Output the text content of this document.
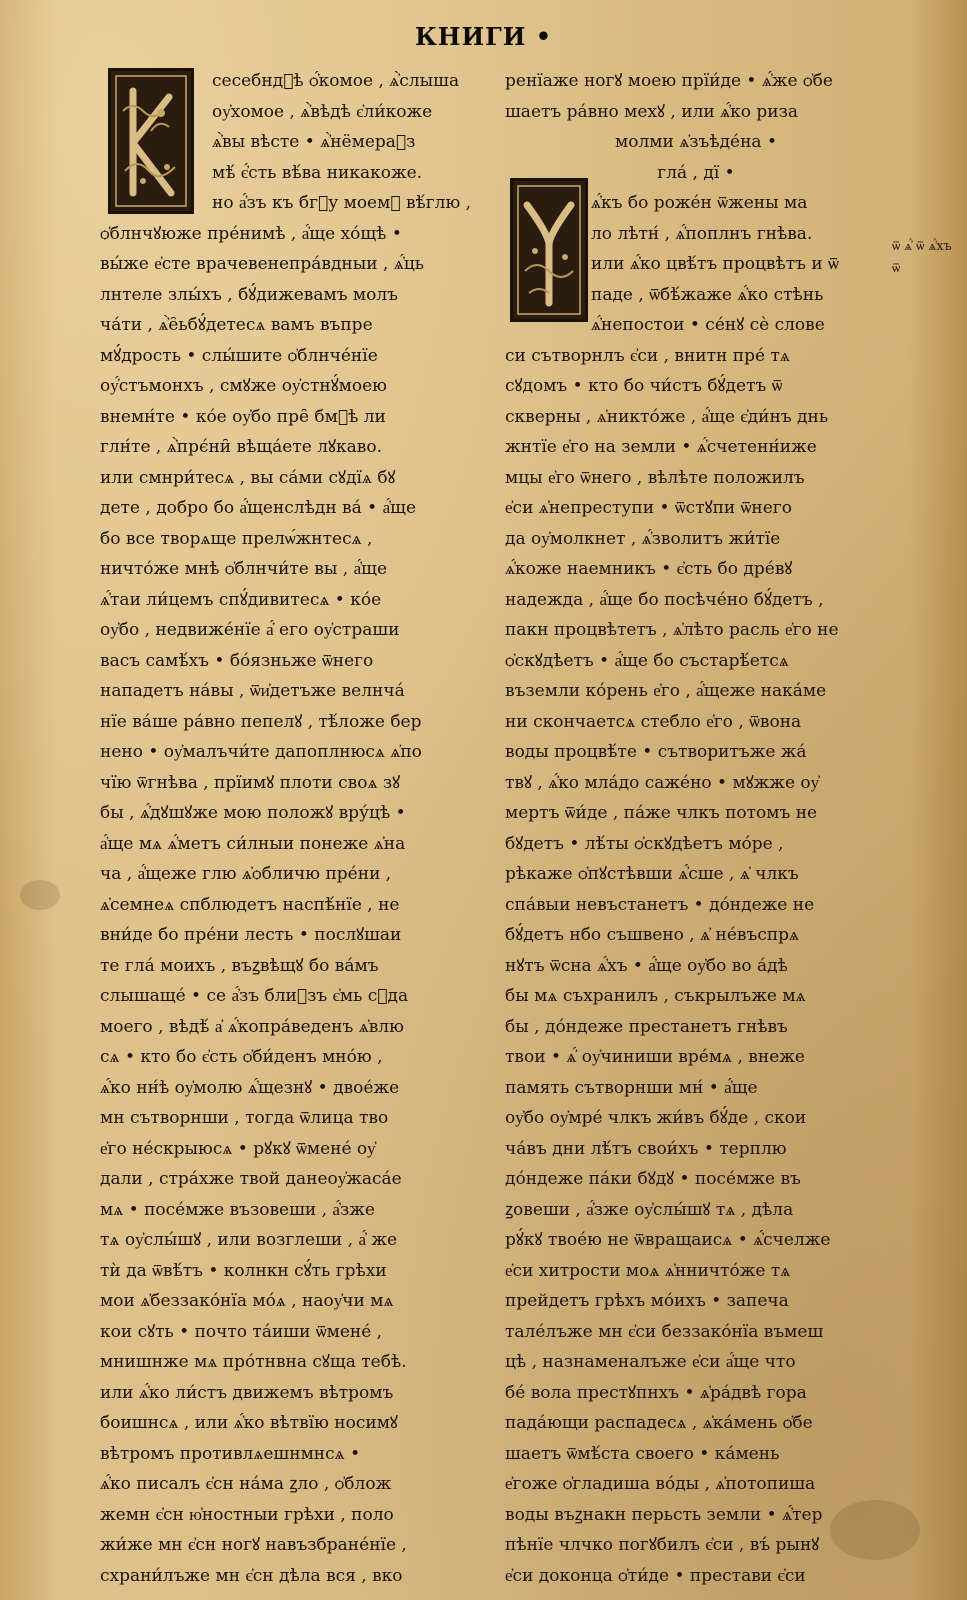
КНИГИ •
сесебнд꙼ѣ ѻ҆́комое , ѧ҆̀слыша
оу҆хомое , ѧ҆̀вѣдѣ є҆ли́коже
ѧ҆̀вы вѣсте • ѧ҆̀нёмера꙼з
мѣ́ є҆́сть вѣ́ва никакоже.
но а҆́зъ къ бг꙼у моемꙋ вѣ́глю ,
ѻ҆блнчꙋюже пре́нимѣ , а҆́ще хо́щѣ •
вы́же е҆сте врачевенепра́вдныи , ѧ҆́ць
лнтеле злы́хъ , бꙋ́дижевамъ молъ
ча́ти , ѧ҆̀е̑ьбꙋ́детесѧ вамъ въпре
мꙋ́дрость • слы́шите ѻ҆блнче́нїе
оу҆́стъмонхъ , смꙋже оу҆стнꙋ́моею
внемн́те • ко́е оу҆бо пре̑ бм꙼ѣ ли
глн́те , ѧ҆̀прє́ни̑ вѣща́ете лꙋкаво.
или смнри́тесѧ , вы са́ми сꙋдїѧ бꙋ
дете , добро бо а҆́щенслѣдн ва́ • а҆́ще
бо все творѧще прелѡ́жнтесѧ ,
ничто́же мнѣ ѻ҆блнчи́те вы , а҆́ще
ѧ҆́таи ли́цемъ спꙋ́дивитесѧ • ко́е
оу҆бо , недвиже́нїе а҆́ его оу҆страши
васъ самѣ́хъ • бо́язньже ѿнего
нападетъ на́вы , ѿи҆детъже велнча́
нїе ва́ше ра́вно пепелꙋ , тѣ́ложе бер
нено • оу҆малъчи́те дапоплнюсѧ ѧ҆по
чїю ѿгнѣва , прїимꙋ плоти своѧ зꙋ
бы , ѧ҆́дꙋшꙋже мою положꙋ вру́цѣ •
а҆́ще мѧ ѧ҆́метъ си́лныи понеже ѧ҆на
ча , а҆́щеже глю ѧ҆ѻбличю пре́ни ,
ѧ҆семнеѧ спблюдетъ наспѣ́нїе , не
вни́де бо пре́ни лесть • послꙋшаи
те гла́ моихъ , въꙁвѣщꙋ бо ва́мъ
слышаще́ • се а҆́зъ бли꙼зъ є҆мь сꙋда
моего , вѣдѣ́ а҆ ѧ҆́копра́веденъ ѧ҆влю
сѧ • кто бо є҆сть ѻ҆би́денъ мно́ю ,
ѧ҆́ко нн́ѣ оу҆молю ѧ҆́щезнꙋ • двое́же
мн сътворнши , тогда ѿлица тво
е҆го не́скрыюсѧ • рꙋкꙋ ѿмене́ оу҆
дали , стра́хже твой данеоу҆жаса́е
мѧ • посе́мже възовеши , а҆́зже
тѧ оу҆слы́шꙋ , или возглеши , а҆́ же
тѝ да ѿвѣ́тъ • колнкн сꙋ́ть грѣхи
мои ѧ҆беззако́нїа мо́ѧ , наоу҆чи мѧ
кои сꙋть • почто та́иши ѿмене́ ,
мнишнже мѧ про́тнвна сꙋща тебѣ.
или ѧ҆́ко ли́стъ движемъ вѣтромъ
боишнсѧ , или ѧ҆́ко вѣтвїю носимꙋ
вѣтромъ противлѧешнмнсѧ •
ѧ҆́ко писалъ є҆сн на́ма ꙁло , ѻ҆блож
жемн є҆сн ю҆ностныи грѣхи , поло
жи́же мн є҆сн ногꙋ навъзбране́нїе ,
схрани́лъже мн є҆сн дѣла вся , вко
ренїаже ногꙋ моею прїи́де • ѧ҆́же ѻ҆бе
шаетъ ра́вно мехꙋ , или ѧ҆́ко риза
молми ѧ҆зъѣде́на •
гла́ , дї •
ѧ҆́къ бо роже́н ѿжены ма
ло лѣтн́ , ѧ҆́поплнъ гнѣва.
или ѧ҆́ко цвѣ́тъ процвѣтъ и ѿ
паде , ѿбѣ́жаже ѧ҆́ко стѣнь
ѧ҆́непостои • се́нꙋ сѐ слове
си сътворнлъ є҆си , внитн пре́ тѧ
сꙋдомъ • кто бо чи́стъ бꙋ́детъ ѿ
скверны , ѧ҆никто́же , а҆́ще є҆ди́нъ днь
жнтїе е҆го на земли • ѧ҆́счетенн́иже
мцы е҆го ѿнего , вѣлѣте положилъ
е҆си ѧ҆непреступи • ѿстꙋпи ѿнего
да оу҆молкнет , ѧ҆́зволитъ жи́тїе
ѧ҆́коже наемникъ • є҆сть бо дре́вꙋ
надежда , а҆́ще бо посѣче́но бꙋ́детъ ,
пакн процвѣтетъ , ѧ҆лѣто расль е҆го не
ѻ҆скꙋдѣетъ • а҆́ще бо състарѣ́етсѧ
въземли ко́рень е҆го , а҆́щеже нака́ме
ни скончаетсѧ стебло е҆го , ѿвона
воды процвѣ́те • сътворитъже жа́
твꙋ , ѧ҆́ко мла́до саже́но • мꙋжже оу҆
мертъ ѿи́де , па́же члкъ потомъ не
бꙋдетъ • лѣ́ты ѻ҆скꙋдѣетъ мо́ре ,
рѣкаже ѻ҆пꙋстѣвши ѧ҆́сше , ѧ҆ члкъ
спа́выи невъстанетъ • до́ндеже не
бꙋ́детъ нбо съшвено , ѧ҆ не́въспрѧ
нꙋтъ ѿсна ѧ҆́хъ • а҆́ще оу҆бо во а́дѣ
бы мѧ съхранилъ , съкрылъже мѧ
бы , до́ндеже престанетъ гнѣвъ
твои • ѧ҆́ оу҆чиниши вре́мѧ , внеже
память сътворнши мн́ • а҆́ще
оу҆бо оу҆мре́ члкъ жи́въ бꙋ́де , скои
ча́въ дни лѣ́тъ свои́хъ • терплю
до́ндеже па́ки бꙋдꙋ • посе́мже въ
ꙁовеши , а҆́зже оу҆слы́шꙋ тѧ , дѣла
рꙋ́кꙋ твое́ю не ѿвращаисѧ • ѧ҆́счелже
е҆си хитрости моѧ ѧ҆нничто́же тѧ
прейдетъ грѣхъ мо́ихъ • запеча
тале́лъже мн є҆си беззако́нїа въмеш
цѣ , назнаменалъже е҆си а҆́ще что
бе́ вола престꙋпнхъ • ѧ҆ра́двѣ гора
пада́ющи распадесѧ , ѧ҆ка́мень ѻ҆бе
шаетъ ѿмѣ́ста своего • ка́мень
е҆гоже ѻ҆гладиша во́ды , ѧ҆потопиша
воды въꙁнакн перьсть земли • ѧ҆́тер
пѣнїе члчко погꙋбилъ є҆си , въ́ рынꙋ
е҆си доконца ѻ҆ти́де • престави є҆си
ѿ ѧ҆́ ѿ ѧ҆́хъ ѿ
